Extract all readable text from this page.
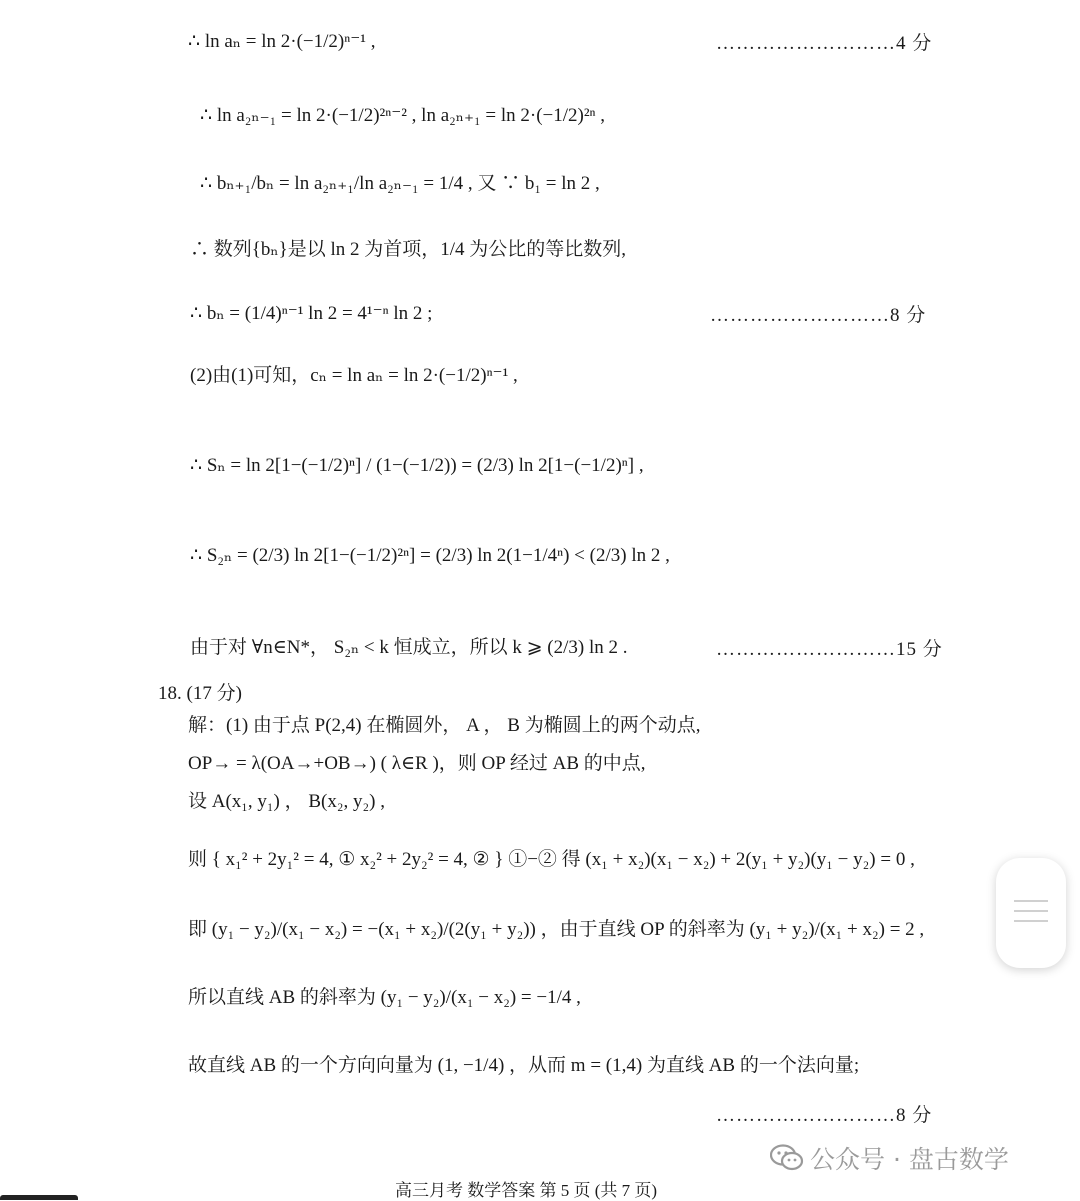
∴ ln aₙ = ln 2·(−1/2)ⁿ⁻¹ ,	………………………4 分
∴ ln a₂ₙ₋₁ = ln 2·(−1/2)²ⁿ⁻² , ln a₂ₙ₊₁ = ln 2·(−1/2)²ⁿ ,
∴ bₙ₊₁/bₙ = ln a₂ₙ₊₁/ln a₂ₙ₋₁ = 1/4 , 又 ∵ b₁ = ln 2 ,
∴ 数列{bₙ}是以 ln 2 为首项，1/4 为公比的等比数列,
∴ bₙ = (1/4)ⁿ⁻¹ ln 2 = 4¹⁻ⁿ ln 2 ;	………………………8 分
(2)由(1)可知，cₙ = ln aₙ = ln 2·(−1/2)ⁿ⁻¹ ,
∴ Sₙ = ln 2[1−(−1/2)ⁿ] / (1−(−1/2)) = (2/3) ln 2[1−(−1/2)ⁿ] ,
∴ S₂ₙ = (2/3) ln 2[1−(−1/2)²ⁿ] = (2/3) ln 2(1−1/4ⁿ) < (2/3) ln 2 ,
由于对 ∀n∈N*， S₂ₙ < k 恒成立，所以 k ⩾ (2/3) ln 2 .	………………………15 分
18. (17 分)
解：(1) 由于点 P(2,4) 在椭圆外， A ， B 为椭圆上的两个动点,
OP→ = λ(OA→+OB→) ( λ∈R )，则 OP 经过 AB 的中点,
设 A(x₁, y₁) ， B(x₂, y₂) ,
则 { x₁² + 2y₁² = 4, ① x₂² + 2y₂² = 4, ② } ①−② 得 (x₁ + x₂)(x₁ − x₂) + 2(y₁ + y₂)(y₁ − y₂) = 0 ,
即 (y₁ − y₂)/(x₁ − x₂) = −(x₁ + x₂)/(2(y₁ + y₂)) ，由于直线 OP 的斜率为 (y₁ + y₂)/(x₁ + x₂) = 2 ,
所以直线 AB 的斜率为 (y₁ − y₂)/(x₁ − x₂) = −1/4 ,
故直线 AB 的一个方向向量为 (1, −1/4) ，从而 m = (1,4) 为直线 AB 的一个法向量;
………………………8 分
公众号 · 盘古数学
高三月考 数学答案 第 5 页 (共 7 页)
